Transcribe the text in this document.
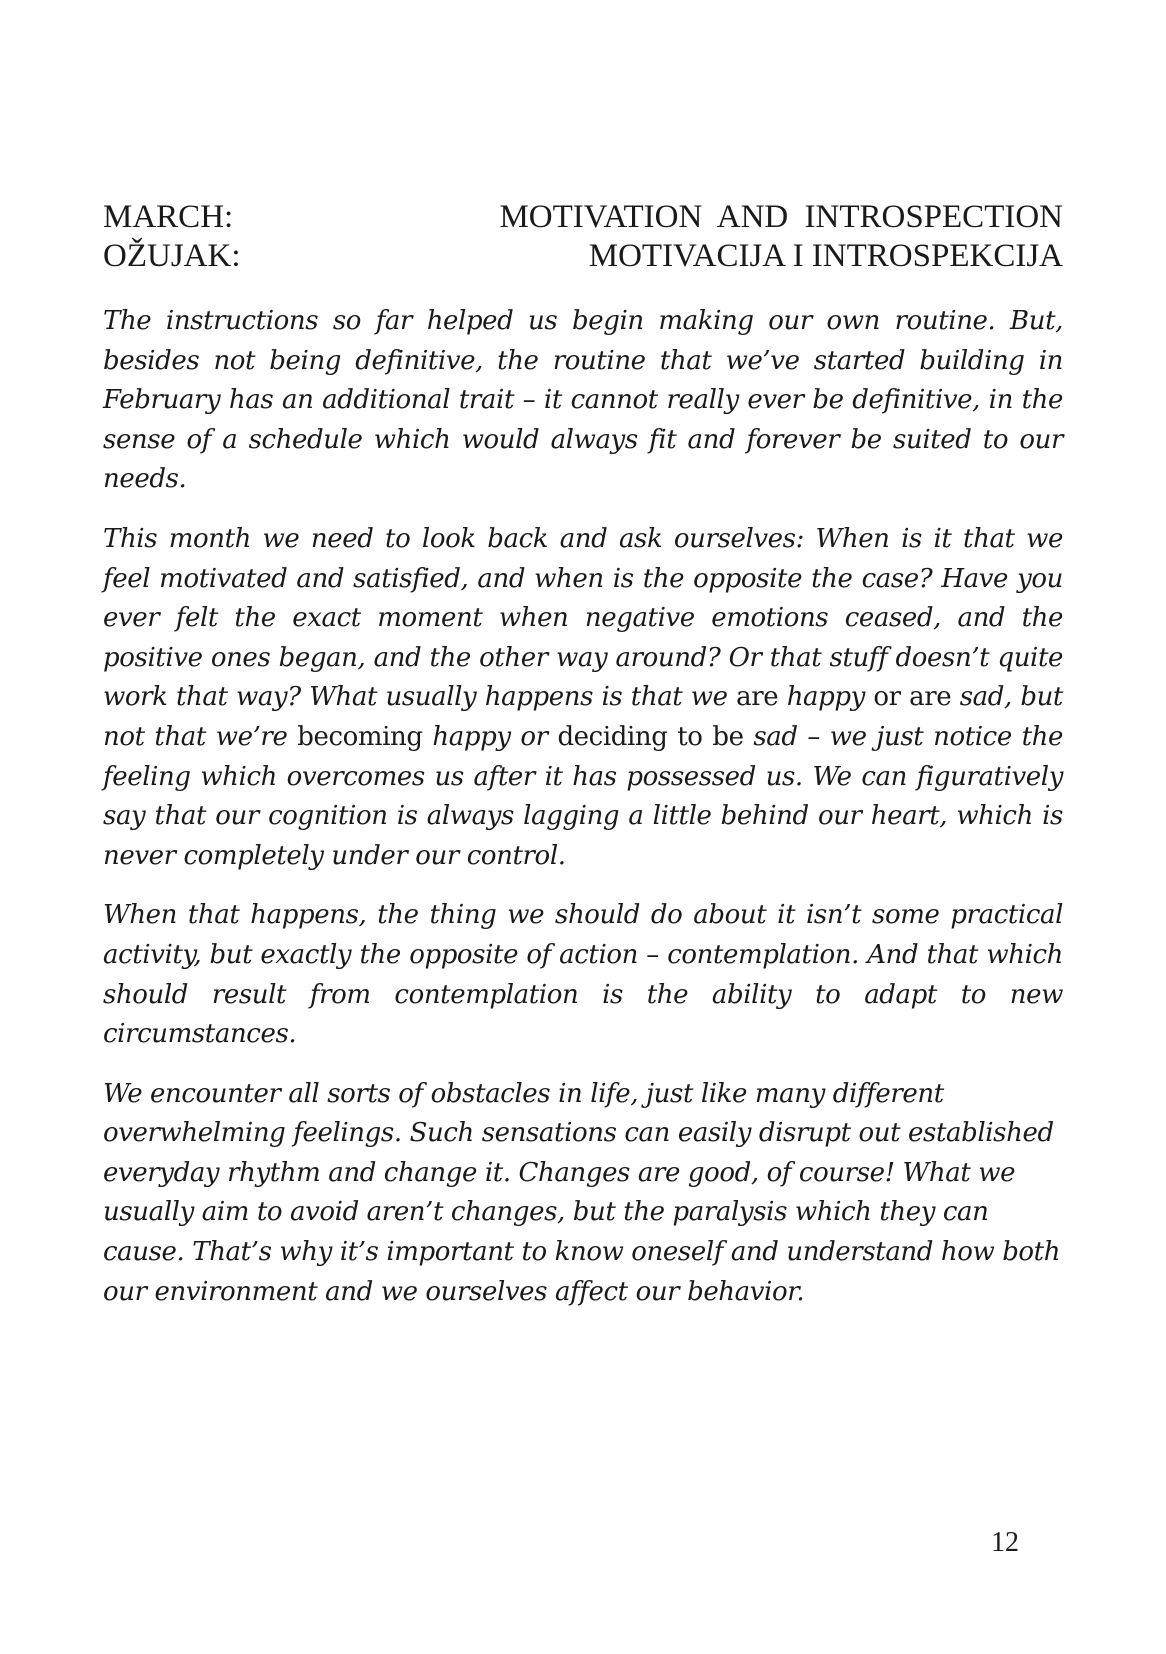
MARCH:	MOTIVATION AND INTROSPECTION
OŽUJAK:	MOTIVACIJA I INTROSPEKCIJA

The instructions so far helped us begin making our own routine. But, besides not being definitive, the routine that we’ve started building in February has an additional trait – it cannot really ever be definitive, in the sense of a schedule which would always fit and forever be suited to our needs.

This month we need to look back and ask ourselves: When is it that we feel motivated and satisfied, and when is the opposite the case? Have you ever felt the exact moment when negative emotions ceased, and the positive ones began, and the other way around? Or that stuff doesn’t quite work that way? What usually happens is that we are happy or are sad, but not that we’re becoming happy or deciding to be sad – we just notice the feeling which overcomes us after it has possessed us. We can figuratively say that our cognition is always lagging a little behind our heart, which is never completely under our control.

When that happens, the thing we should do about it isn’t some practical activity, but exactly the opposite of action – contemplation. And that which should result from contemplation is the ability to adapt to new circumstances.

We encounter all sorts of obstacles in life, just like many different overwhelming feelings. Such sensations can easily disrupt out established everyday rhythm and change it. Changes are good, of course! What we usually aim to avoid aren’t changes, but the paralysis which they can cause. That’s why it’s important to know oneself and understand how both our environment and we ourselves affect our behavior.

12
